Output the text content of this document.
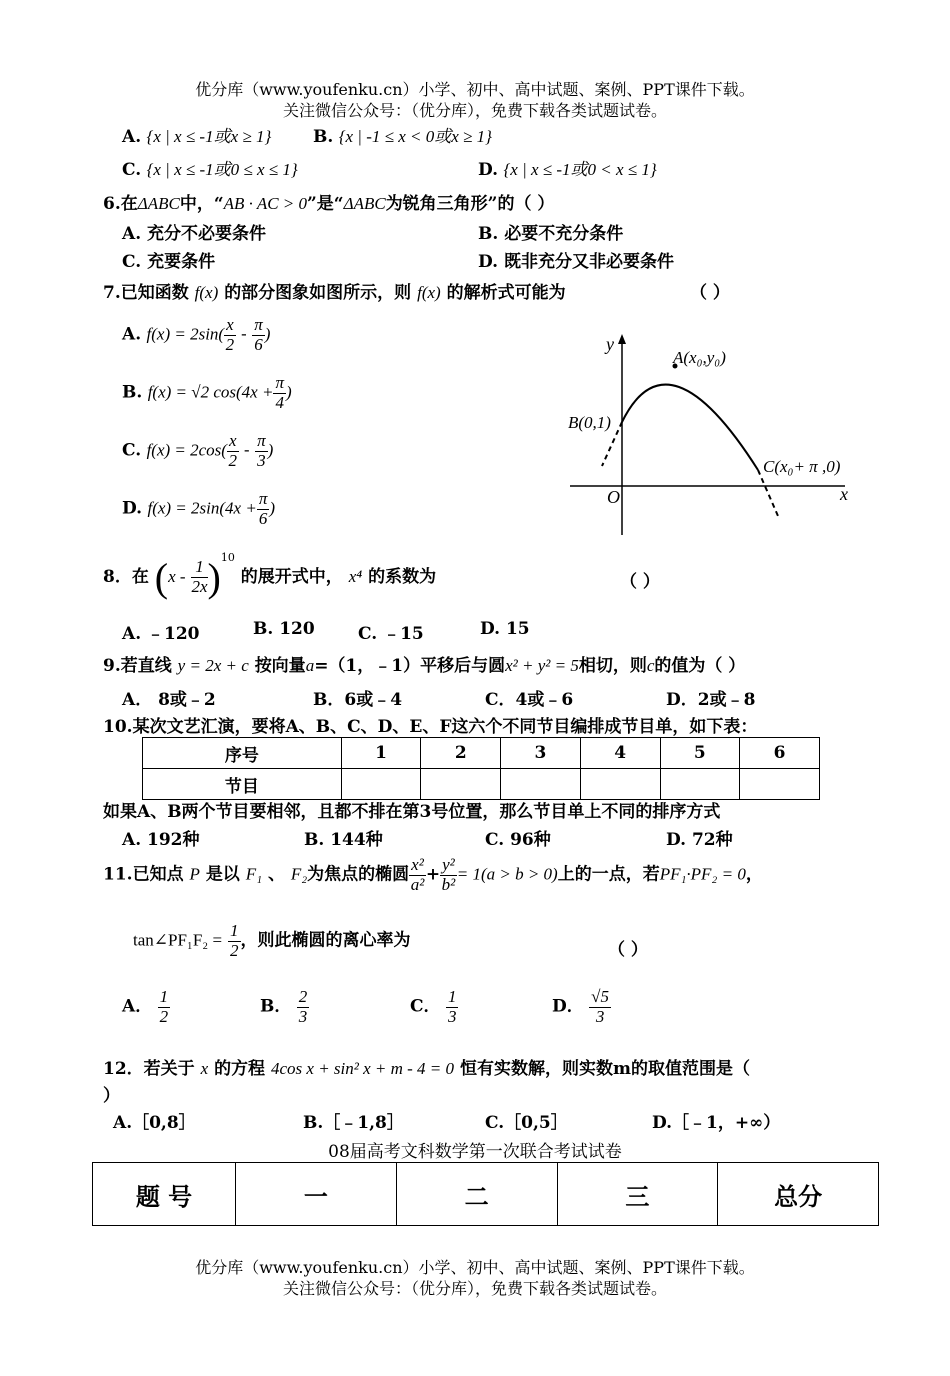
优分库（www.youfenku.cn）小学、初中、高中试题、案例、PPT课件下载。
关注微信公众号：（优分库），免费下载各类试题试卷。
A. {x | x ≤ -1或x ≥ 1} B. {x | -1 ≤ x < 0或x ≥ 1}
C. {x | x ≤ -1或0 ≤ x ≤ 1}	D. {x | x ≤ -1或0 < x ≤ 1}
6.在ΔABC中，“AB · AC > 0”是“ΔABC为锐角三角形”的（ ）
A. 充分不必要条件	B. 必要不充分条件
C. 充要条件	D. 既非充分又非必要条件
7.已知函数 f(x) 的部分图象如图所示，则 f(x) 的解析式可能为	（ ）
A. $f(x) = 2\sin( \frac{x}{2} - \frac{\pi}{6}$ )
B. f(x) = √2 $\cos(4x + \frac{\pi}{4}$ )
C. $f(x) = 2\cos( \frac{x}{2} - \frac{\pi}{3}$ )
D. $f(x) = 2\sin(4x + \frac{\pi}{6}$ )
y
x
O
A(x₀,y₀)
B(0,1)
C(x₀+ π ,0)
8．在 $(x - \frac{1}{2x} )^{10}$ 的展开式中， x⁴ 的系数为	（ ）
A. ﹣120	B. 120	C. ﹣15	D. 15
9.若直线 y = 2x + c 按向量a=（1，﹣1）平移后与圆x² + y² = 5相切，则c的值为（ ）
A． 8或﹣2	B．6或﹣4	C．4或﹣6	D．2或﹣8
10.某次文艺汇演，要将A、B、C、D、E、F这六个不同节目编排成节目单，如下表：
序号	1	2	3	4	5	6
节目						
如果A、B两个节目要相邻，且都不排在第3号位置，那么节目单上不同的排序方式
A. 192种	B. 144种	C. 96种	D. 72种
11.已知点 P 是以 F₁ 、 F₂为焦点的椭圆 $\frac{\text{x²}}{\text{a²}} + \frac{\text{y²}}{\text{b²}} = 1(a > b > 0)$上的一点，若PF₁·PF₂ = 0，
tan∠PF₁F₂ = $\frac{1}{2}$ ，则此椭圆的离心率为	（ ）
A． $\frac{1}{2}$	B． $\frac{2}{3}$	C． $\frac{1}{3}$	D． $\frac{√5}{3}$
12．若关于 x 的方程 4cos x + sin² x + m - 4 = 0 恒有实数解，则实数m的取值范围是（
）
A.［0,8］	B.［﹣1,8］	C.［0,5］	D.［﹣1，+∞）
08届高考文科数学第一次联合考试试卷
题 号	一	二	三	总分
优分库（www.youfenku.cn）小学、初中、高中试题、案例、PPT课件下载。
关注微信公众号：（优分库），免费下载各类试题试卷。
